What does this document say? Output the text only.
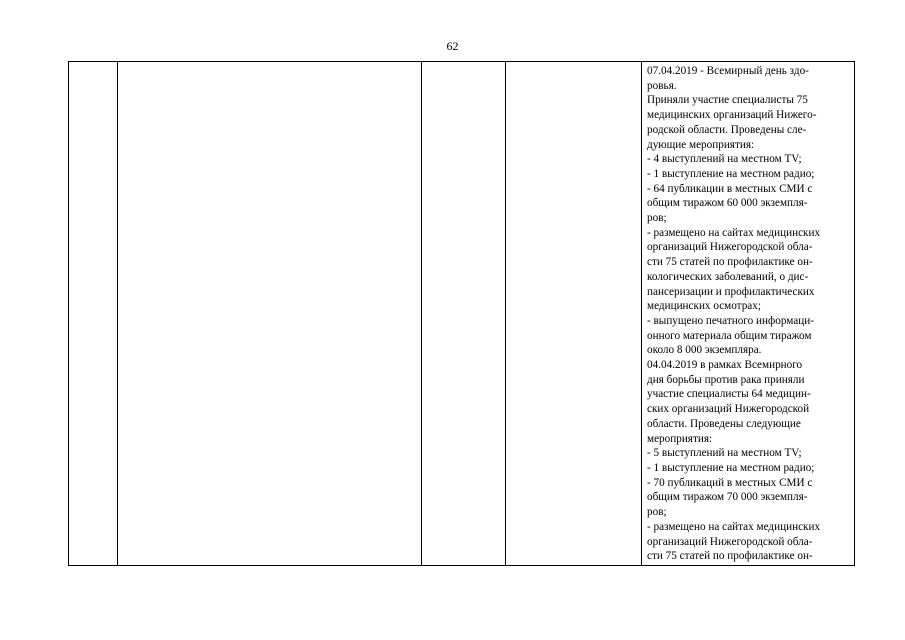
62

07.04.2019 - Всемирный день здо-
ровья.
Приняли участие специалисты 75
медицинских организаций Нижего-
родской области. Проведены сле-
дующие мероприятия:
- 4 выступлений на местном TV;
- 1 выступление на местном радио;
- 64 публикации в местных СМИ с
общим тиражом 60 000 экземпля-
ров;
- размещено на сайтах медицинских
организаций Нижегородской обла-
сти 75 статей по профилактике он-
кологических заболеваний, о дис-
пансеризации и профилактических
медицинских осмотрах;
- выпущено печатного информаци-
онного материала общим тиражом
около 8 000 экземпляра.
04.04.2019 в рамках Всемирного
дня борьбы против рака приняли
участие специалисты 64 медицин-
ских организаций Нижегородской
области. Проведены следующие
мероприятия:
- 5 выступлений на местном TV;
- 1 выступление на местном радио;
- 70 публикаций в местных СМИ с
общим тиражом 70 000 экземпля-
ров;
- размещено на сайтах медицинских
организаций Нижегородской обла-
сти 75 статей по профилактике он-
